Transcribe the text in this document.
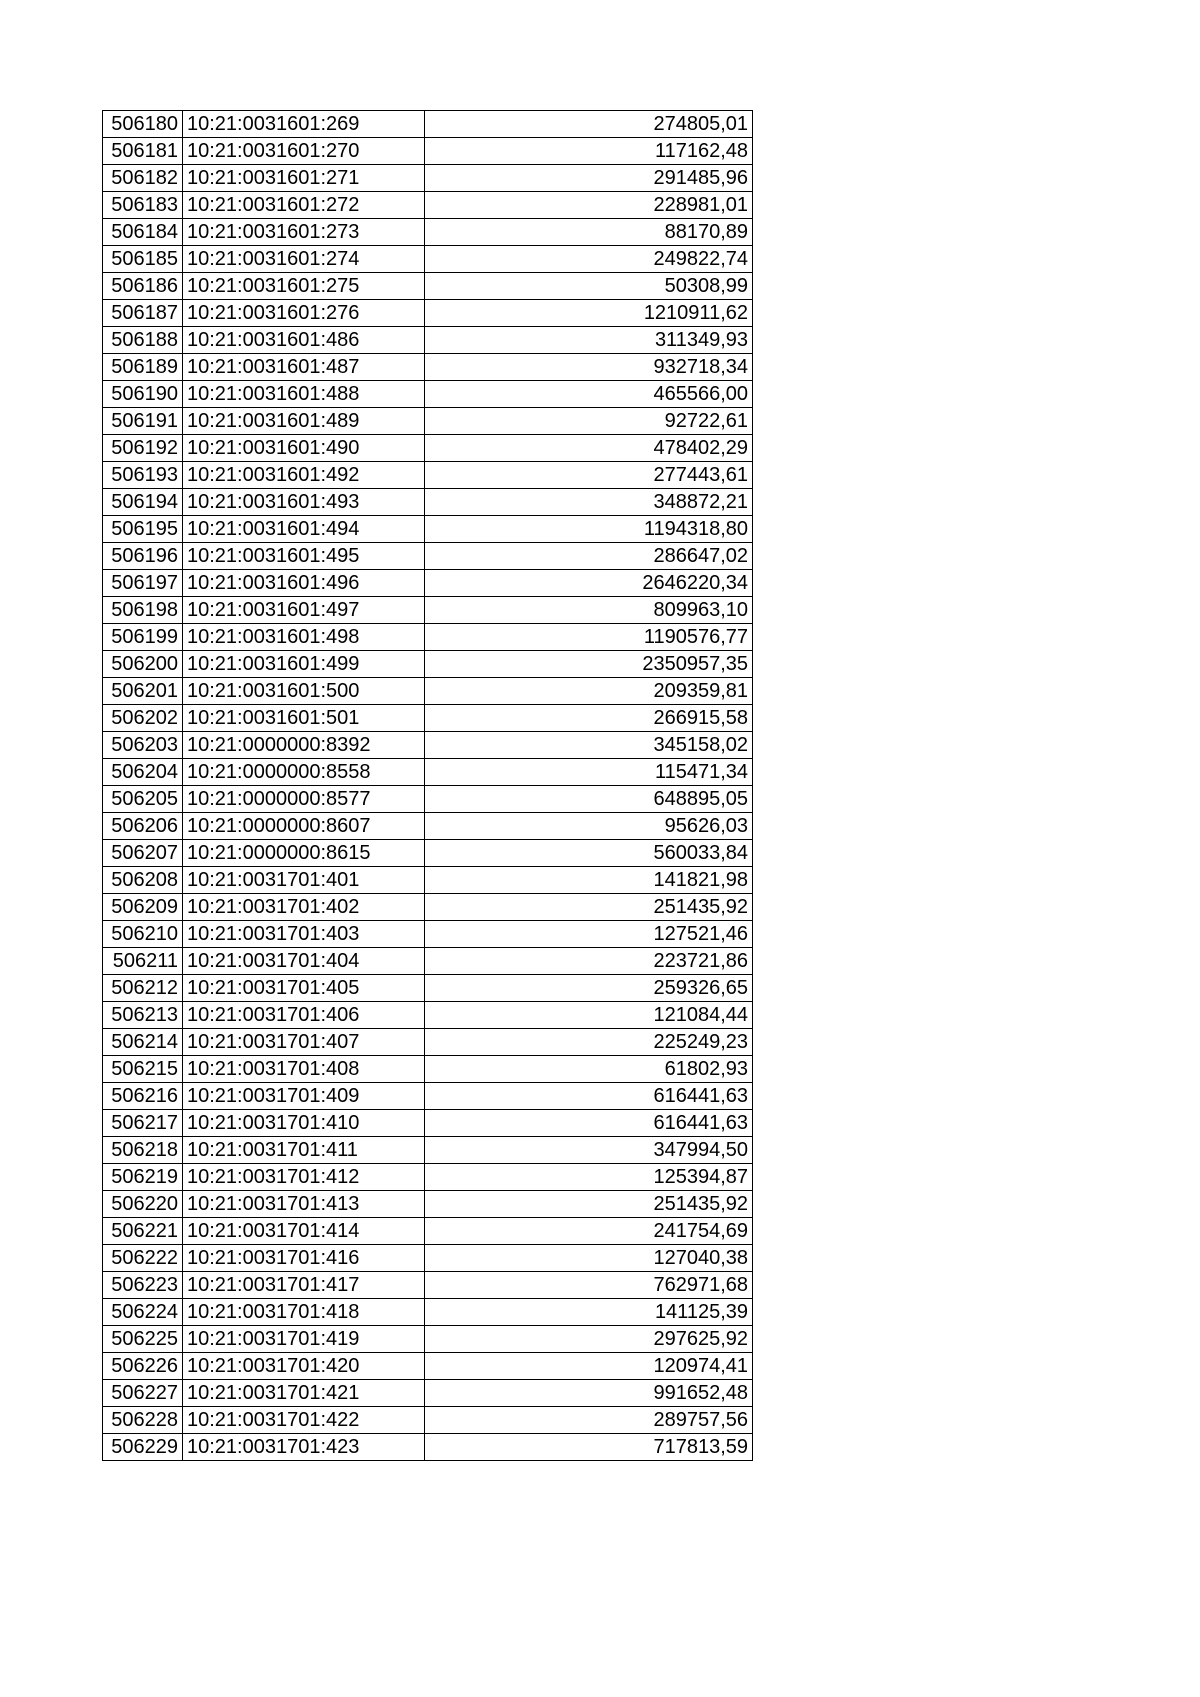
506180	10:21:0031601:269	274805,01
506181	10:21:0031601:270	117162,48
506182	10:21:0031601:271	291485,96
506183	10:21:0031601:272	228981,01
506184	10:21:0031601:273	88170,89
506185	10:21:0031601:274	249822,74
506186	10:21:0031601:275	50308,99
506187	10:21:0031601:276	1210911,62
506188	10:21:0031601:486	311349,93
506189	10:21:0031601:487	932718,34
506190	10:21:0031601:488	465566,00
506191	10:21:0031601:489	92722,61
506192	10:21:0031601:490	478402,29
506193	10:21:0031601:492	277443,61
506194	10:21:0031601:493	348872,21
506195	10:21:0031601:494	1194318,80
506196	10:21:0031601:495	286647,02
506197	10:21:0031601:496	2646220,34
506198	10:21:0031601:497	809963,10
506199	10:21:0031601:498	1190576,77
506200	10:21:0031601:499	2350957,35
506201	10:21:0031601:500	209359,81
506202	10:21:0031601:501	266915,58
506203	10:21:0000000:8392	345158,02
506204	10:21:0000000:8558	115471,34
506205	10:21:0000000:8577	648895,05
506206	10:21:0000000:8607	95626,03
506207	10:21:0000000:8615	560033,84
506208	10:21:0031701:401	141821,98
506209	10:21:0031701:402	251435,92
506210	10:21:0031701:403	127521,46
506211	10:21:0031701:404	223721,86
506212	10:21:0031701:405	259326,65
506213	10:21:0031701:406	121084,44
506214	10:21:0031701:407	225249,23
506215	10:21:0031701:408	61802,93
506216	10:21:0031701:409	616441,63
506217	10:21:0031701:410	616441,63
506218	10:21:0031701:411	347994,50
506219	10:21:0031701:412	125394,87
506220	10:21:0031701:413	251435,92
506221	10:21:0031701:414	241754,69
506222	10:21:0031701:416	127040,38
506223	10:21:0031701:417	762971,68
506224	10:21:0031701:418	141125,39
506225	10:21:0031701:419	297625,92
506226	10:21:0031701:420	120974,41
506227	10:21:0031701:421	991652,48
506228	10:21:0031701:422	289757,56
506229	10:21:0031701:423	717813,59
